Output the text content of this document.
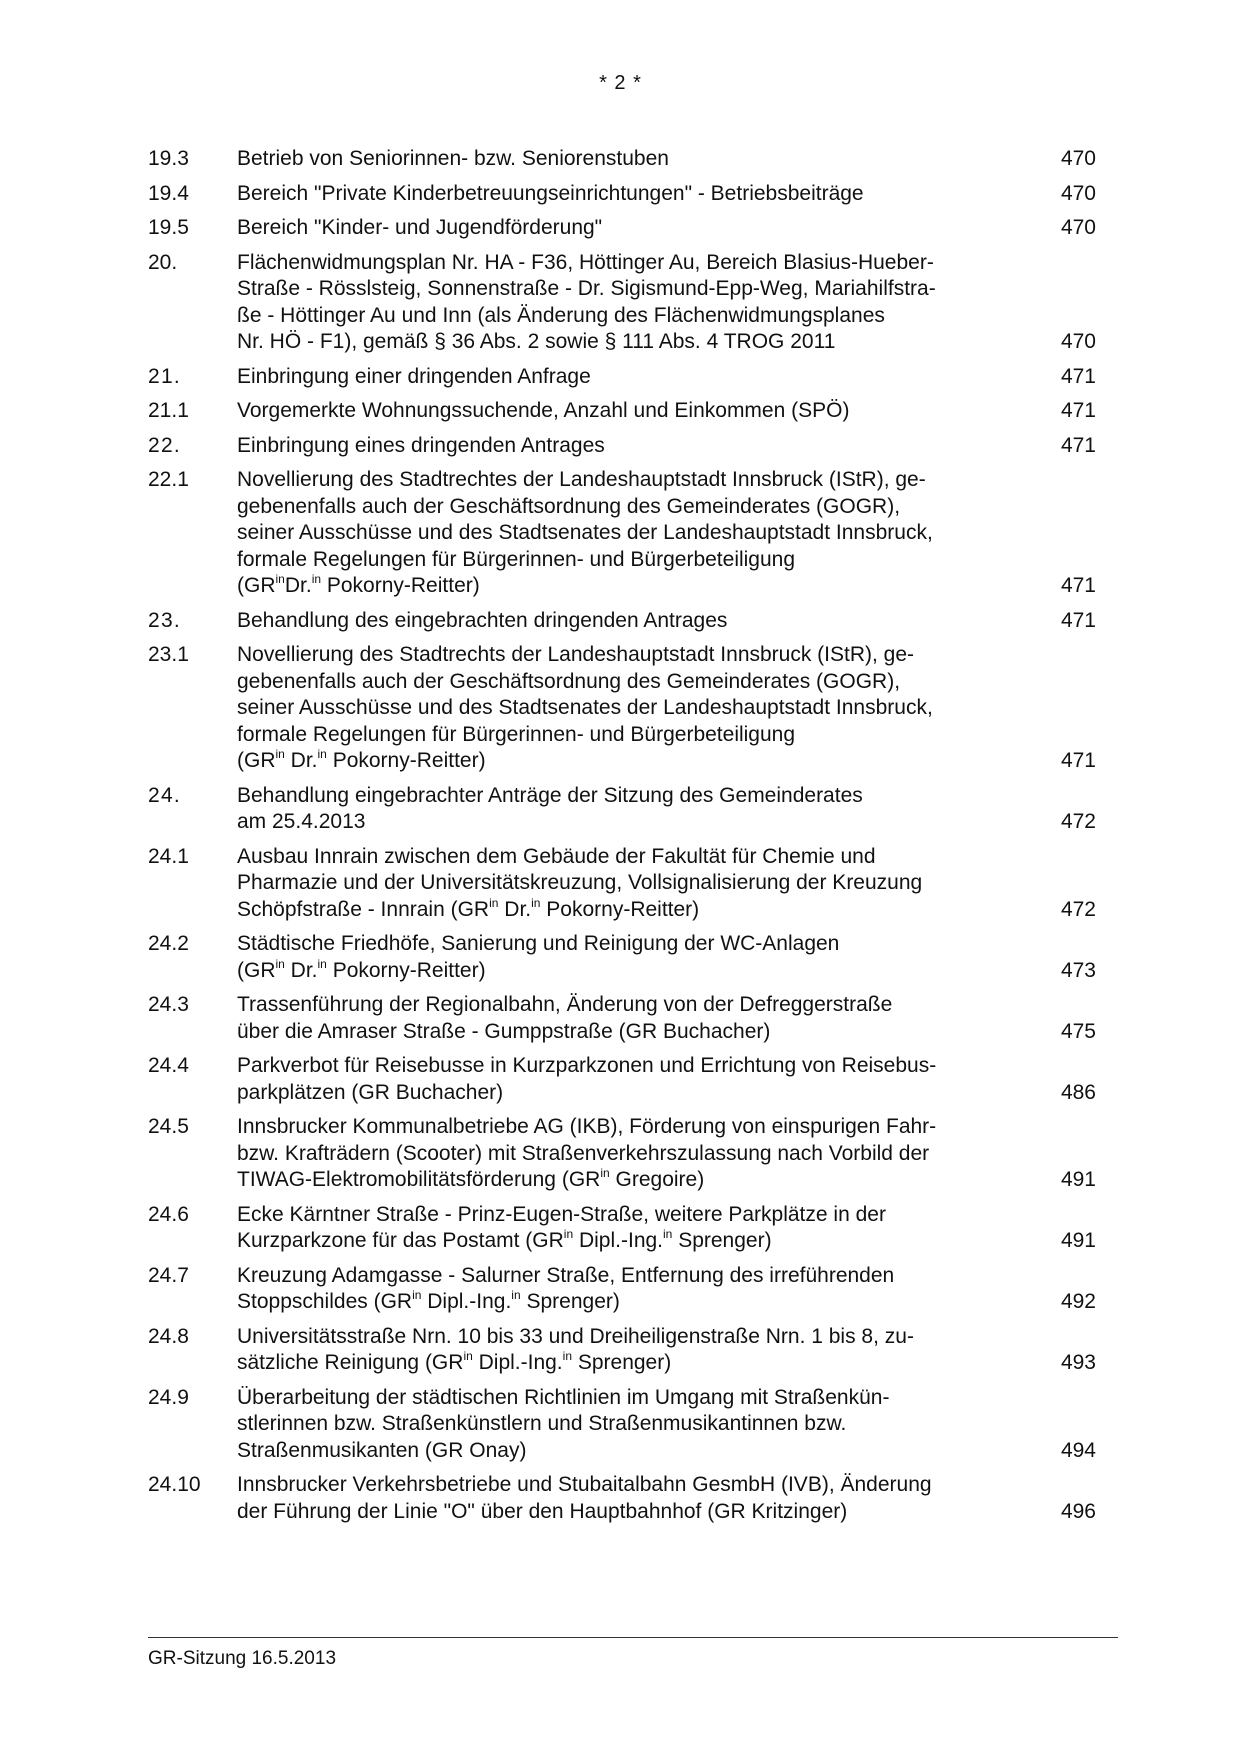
* 2 *
19.3	Betrieb von Seniorinnen- bzw. Seniorenstuben	470
19.4	Bereich "Private Kinderbetreuungseinrichtungen" - Betriebsbeiträge	470
19.5	Bereich "Kinder- und Jugendförderung"	470
20.	Flächenwidmungsplan Nr. HA - F36, Höttinger Au, Bereich Blasius-Hueber-
Straße - Rösslsteig, Sonnenstraße - Dr. Sigismund-Epp-Weg, Mariahilfstra-
ße - Höttinger Au und Inn (als Änderung des Flächenwidmungsplanes
Nr. HÖ - F1), gemäß § 36 Abs. 2 sowie § 111 Abs. 4 TROG 2011	470
21.	Einbringung einer dringenden Anfrage	471
21.1	Vorgemerkte Wohnungssuchende, Anzahl und Einkommen (SPÖ)	471
22.	Einbringung eines dringenden Antrages	471
22.1	Novellierung des Stadtrechtes der Landeshauptstadt Innsbruck (IStR), ge-
gebenenfalls auch der Geschäftsordnung des Gemeinderates (GOGR),
seiner Ausschüsse und des Stadtsenates der Landeshauptstadt Innsbruck,
formale Regelungen für Bürgerinnen- und Bürgerbeteiligung
($GR^{in}Dr.^{in}$ Pokorny-Reitter)	471
23.	Behandlung des eingebrachten dringenden Antrages	471
23.1	Novellierung des Stadtrechts der Landeshauptstadt Innsbruck (IStR), ge-
gebenenfalls auch der Geschäftsordnung des Gemeinderates (GOGR),
seiner Ausschüsse und des Stadtsenates der Landeshauptstadt Innsbruck,
formale Regelungen für Bürgerinnen- und Bürgerbeteiligung
($GR^{in}$ Dr.$^{in}$ Pokorny-Reitter)	471
24.	Behandlung eingebrachter Anträge der Sitzung des Gemeinderates
am 25.4.2013	472
24.1	Ausbau Innrain zwischen dem Gebäude der Fakultät für Chemie und
Pharmazie und der Universitätskreuzung, Vollsignalisierung der Kreuzung
Schöpfstraße - Innrain ($GR^{in}$ Dr.$^{in}$ Pokorny-Reitter)	472
24.2	Städtische Friedhöfe, Sanierung und Reinigung der WC-Anlagen
($GR^{in}$ Dr.$^{in}$ Pokorny-Reitter)	473
24.3	Trassenführung der Regionalbahn, Änderung von der Defreggerstraße
über die Amraser Straße - Gumppstraße (GR Buchacher)	475
24.4	Parkverbot für Reisebusse in Kurzparkzonen und Errichtung von Reisebus-
parkplätzen (GR Buchacher)	486
24.5	Innsbrucker Kommunalbetriebe AG (IKB), Förderung von einspurigen Fahr-
bzw. Krafträdern (Scooter) mit Straßenverkehrszulassung nach Vorbild der
TIWAG-Elektromobilitätsförderung ($GR^{in}$ Gregoire)	491
24.6	Ecke Kärntner Straße - Prinz-Eugen-Straße, weitere Parkplätze in der
Kurzparkzone für das Postamt ($GR^{in}$ Dipl.-Ing.$^{in}$ Sprenger)	491
24.7	Kreuzung Adamgasse - Salurner Straße, Entfernung des irreführenden
Stoppschildes ($GR^{in}$ Dipl.-Ing.$^{in}$ Sprenger)	492
24.8	Universitätsstraße Nrn. 10 bis 33 und Dreiheiligenstraße Nrn. 1 bis 8, zu-
sätzliche Reinigung ($GR^{in}$ Dipl.-Ing.$^{in}$ Sprenger)	493
24.9	Überarbeitung der städtischen Richtlinien im Umgang mit Straßenkün-
stlerinnen bzw. Straßenkünstlern und Straßenmusikantinnen bzw.
Straßenmusikanten (GR Onay)	494
24.10	Innsbrucker Verkehrsbetriebe und Stubaitalbahn GesmbH (IVB), Änderung
der Führung der Linie "O" über den Hauptbahnhof (GR Kritzinger)	496
GR-Sitzung 16.5.2013
